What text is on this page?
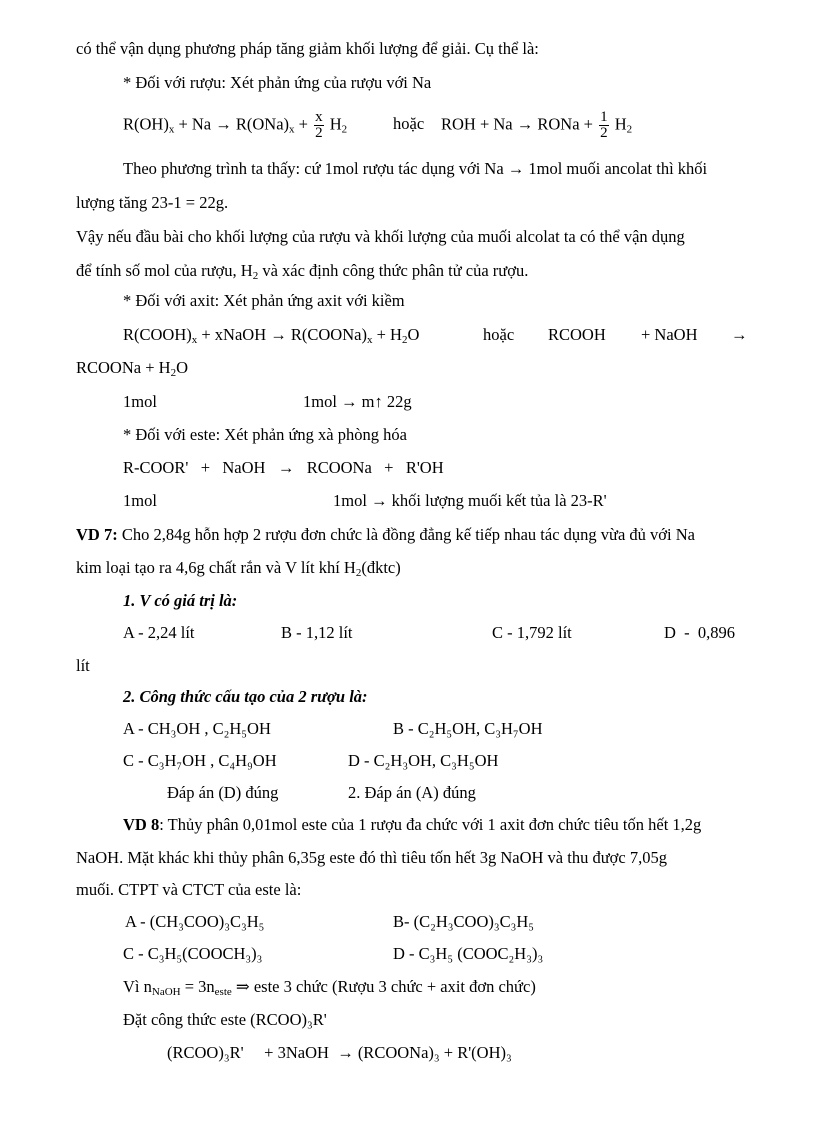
có thể vận dụng phương pháp tăng giảm khối lượng để giải. Cụ thể là:
* Đối với rượu: Xét phản ứng của rượu với Na
$R(OH)_x + Na \to R(ONa)_x + \frac{x}{2} H_2$	hoặc ROH + Na → RONa + $\frac{1}{2} H_2$
Theo phương trình ta thấy: cứ 1mol rượu tác dụng với Na → 1mol muối ancolat thì khối
lượng tăng 23-1 = 22g.
Vậy nếu đầu bài cho khối lượng của rượu và khối lượng của muối alcolat ta có thể vận dụng
để tính số mol của rượu, $H_2$ và xác định công thức phân tử của rượu.
* Đối với axit: Xét phản ứng axit với kiềm
$R(COOH)_x$ + xNaOH → $R(COONa)_x + H_2O$	hoặc RCOOH + NaOH →
RCOONa + $H_2O$
1mol	1mol → m↑ 22g
* Đối với este: Xét phản ứng xà phòng hóa
R-COOR'   +   NaOH   →   RCOONa   +   R'OH
1mol	1mol → khối lượng muối kết tủa là 23-R'
VD 7: Cho 2,84g hỗn hợp 2 rượu đơn chức là đồng đẳng kế tiếp nhau tác dụng vừa đủ với Na
kim loại tạo ra 4,6g chất rắn và V lít khí $H_2(đktc)$
1. V có giá trị là:
A - 2,24 lít	B - 1,12 lít	C - 1,792 lít	D  -  0,896
lít
2. Công thức cấu tạo của 2 rượu là:
A - CH₃OH , C₂H₅OH	B - C₂H₅OH, C₃H₇OH
C - C₃H₇OH , C₄H₉OH	D - C₂H₃OH, C₃H₅OH
Đáp án (D) đúng	2. Đáp án (A) đúng
VD 8: Thủy phân 0,01mol este của 1 rượu đa chức với 1 axit đơn chức tiêu tốn hết 1,2g
NaOH. Mặt khác khi thủy phân 6,35g este đó thì tiêu tốn hết 3g NaOH và thu được 7,05g
muối. CTPT và CTCT của este là:
A - (CH₃COO)₃C₃H₅	B- (C₂H₃COO)₃C₃H₅
C - C₃H₅(COOCH₃)₃	D - C₃H₅ (COOC₂H₃)₃
Vì $n_{NaOH} = 3n_{este}$ ⇒ este 3 chức (Rượu 3 chức + axit đơn chức)
Đặt công thức este (RCOO)₃R'
(RCOO)₃R'     + 3NaOH  → (RCOONa)₃ + R'(OH)₃
